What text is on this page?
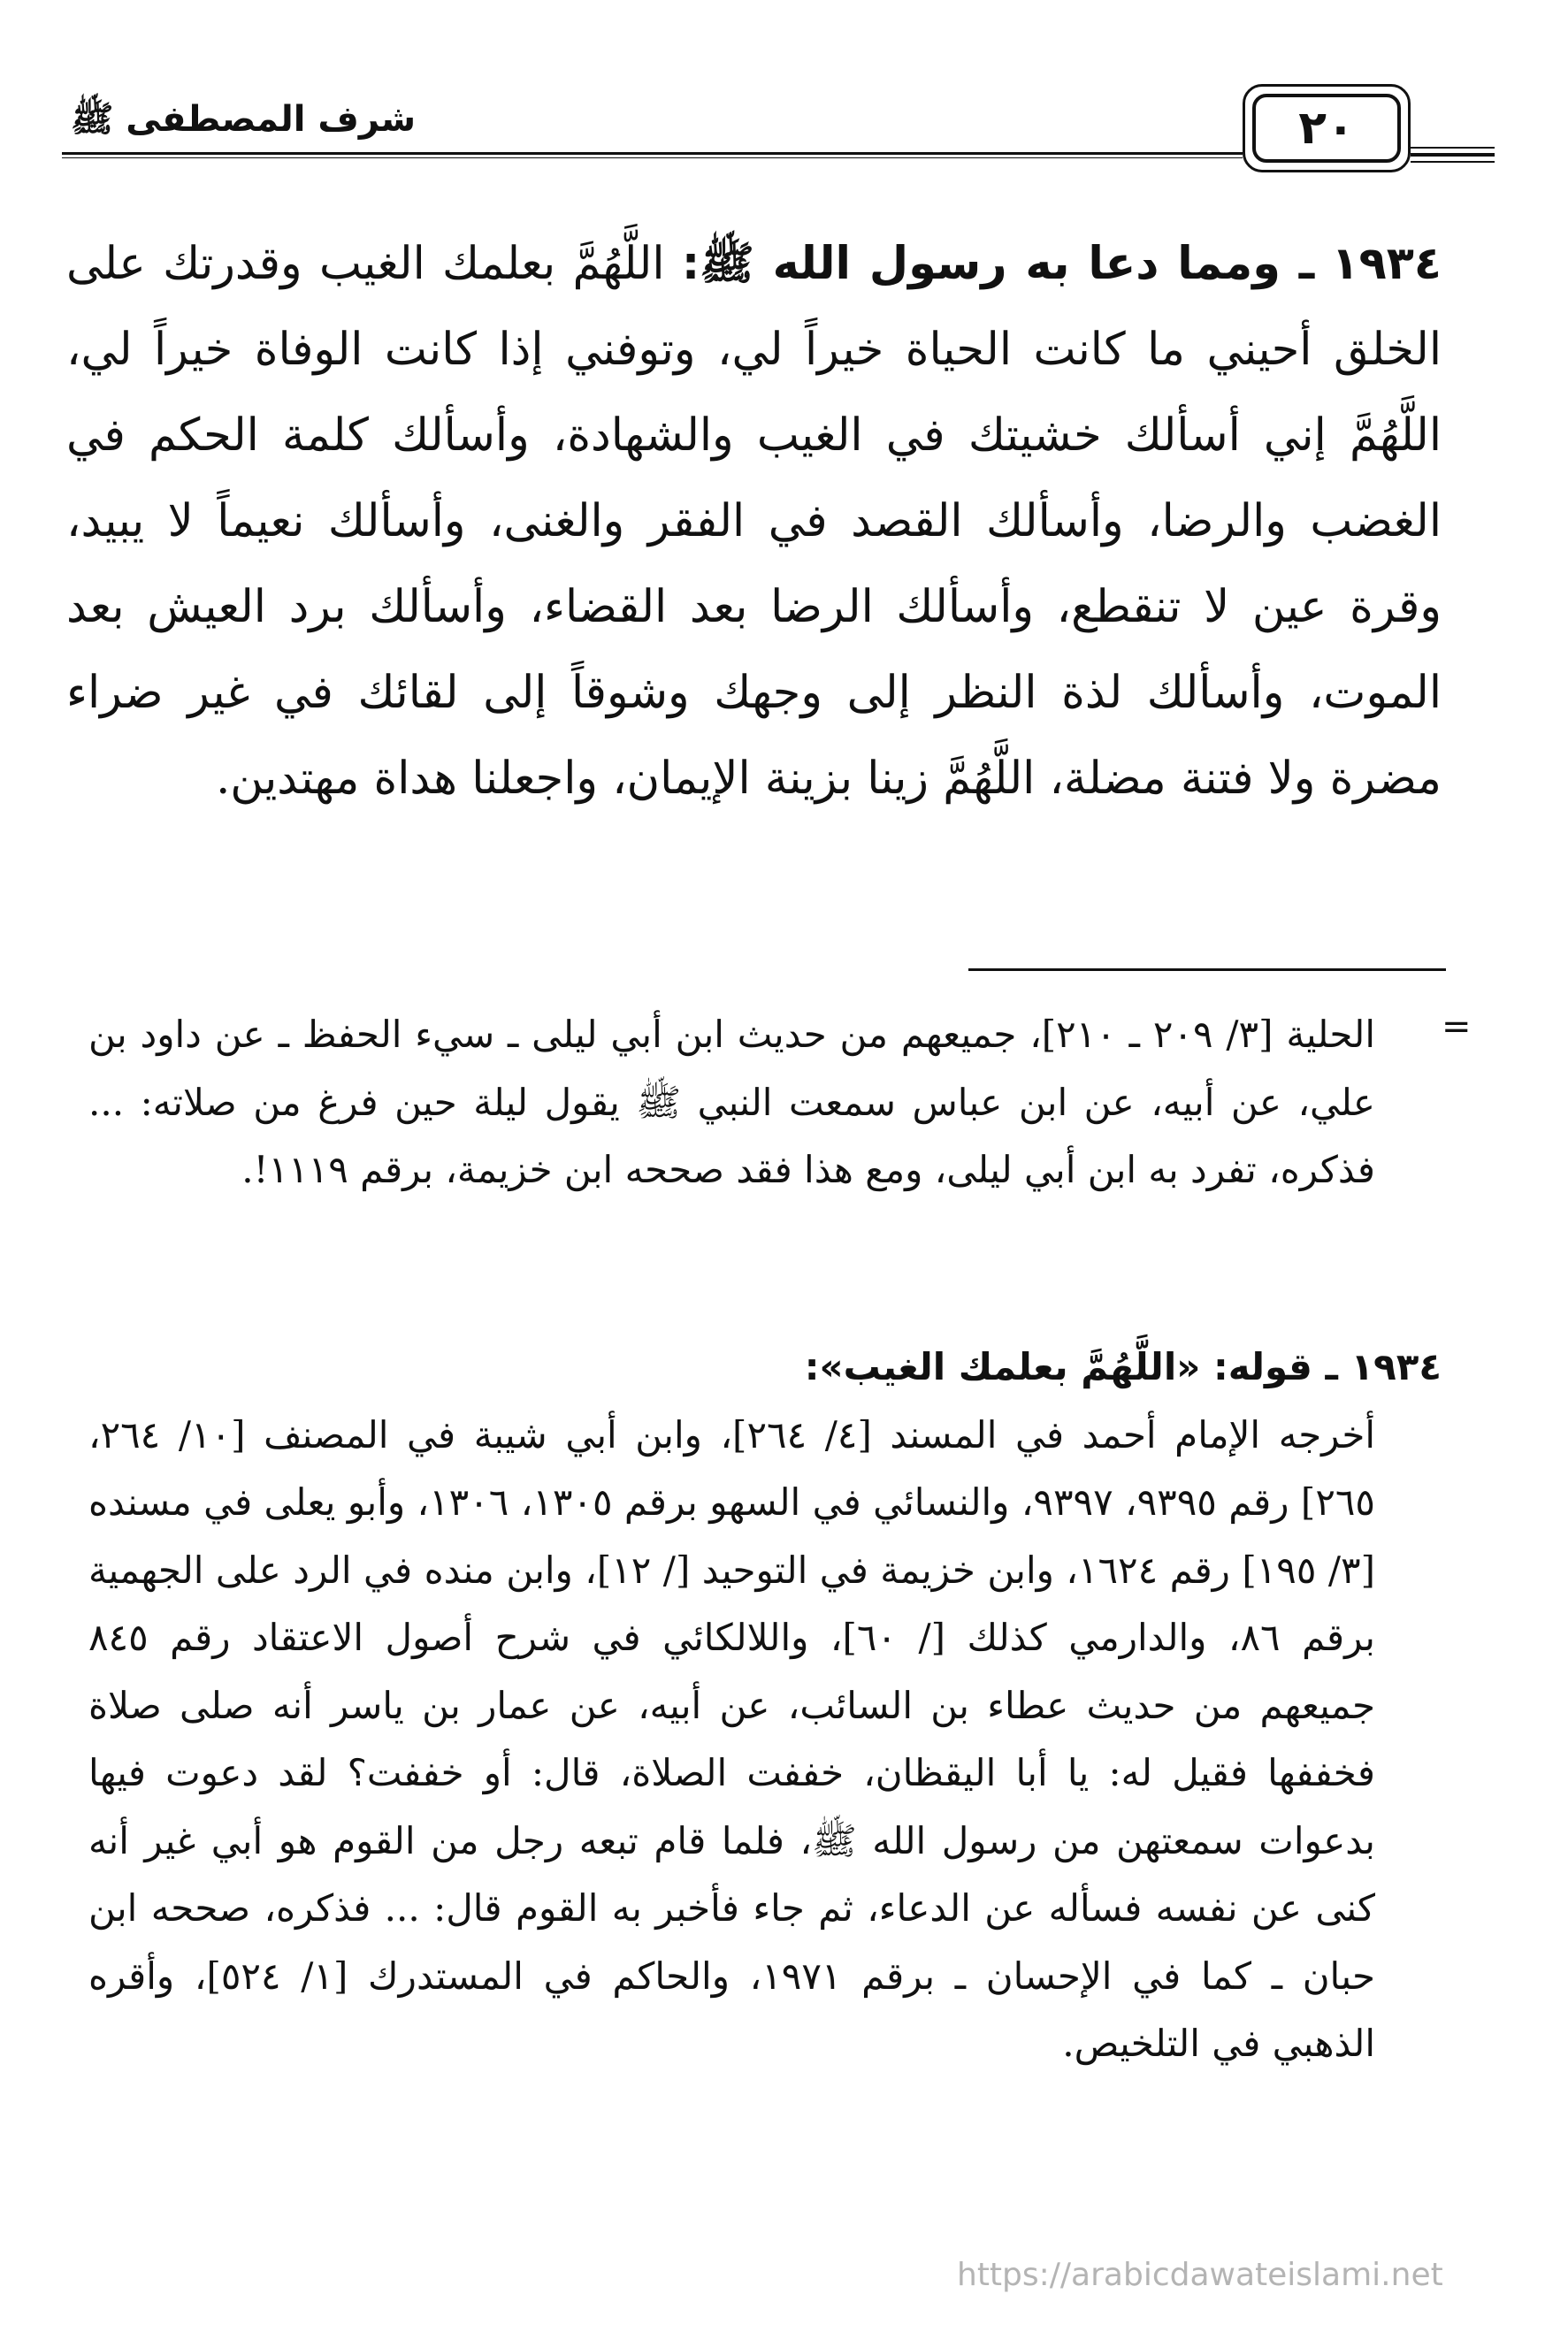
شرف المصطفى ﷺ	٢٠
١٩٣٤ ـ ومما دعا به رسول الله ﷺ: اللَّهُمَّ بعلمك الغيب وقدرتك على الخلق أحيني ما كانت الحياة خيراً لي، وتوفني إذا كانت الوفاة خيراً لي، اللَّهُمَّ إني أسألك خشيتك في الغيب والشهادة، وأسألك كلمة الحكم في الغضب والرضا، وأسألك القصد في الفقر والغنى، وأسألك نعيماً لا يبيد، وقرة عين لا تنقطع، وأسألك الرضا بعد القضاء، وأسألك برد العيش بعد الموت، وأسألك لذة النظر إلى وجهك وشوقاً إلى لقائك في غير ضراء مضرة ولا فتنة مضلة، اللَّهُمَّ زينا بزينة الإيمان، واجعلنا هداة مهتدين.
=
الحلية [٣/ ٢٠٩ ـ ٢١٠]، جميعهم من حديث ابن أبي ليلى ـ سيء الحفظ ـ عن داود بن علي، عن أبيه، عن ابن عباس سمعت النبي ﷺ يقول ليلة حين فرغ من صلاته: ... فذكره، تفرد به ابن أبي ليلى، ومع هذا فقد صححه ابن خزيمة، برقم ١١١٩!.
١٩٣٤ ـ قوله: «اللَّهُمَّ بعلمك الغيب»:
أخرجه الإمام أحمد في المسند [٤/ ٢٦٤]، وابن أبي شيبة في المصنف [١٠/ ٢٦٤، ٢٦٥] رقم ٩٣٩٥، ٩٣٩٧، والنسائي في السهو برقم ١٣٠٥، ١٣٠٦، وأبو يعلى في مسنده [٣/ ١٩٥] رقم ١٦٢٤، وابن خزيمة في التوحيد [/ ١٢]، وابن منده في الرد على الجهمية برقم ٨٦، والدارمي كذلك [/ ٦٠]، واللالكائي في شرح أصول الاعتقاد رقم ٨٤٥ جميعهم من حديث عطاء بن السائب، عن أبيه، عن عمار بن ياسر أنه صلى صلاة فخففها فقيل له: يا أبا اليقظان، خففت الصلاة، قال: أو خففت؟ لقد دعوت فيها بدعوات سمعتهن من رسول الله ﷺ، فلما قام تبعه رجل من القوم هو أبي غير أنه كنى عن نفسه فسأله عن الدعاء، ثم جاء فأخبر به القوم قال: ... فذكره، صححه ابن حبان ـ كما في الإحسان ـ برقم ١٩٧١، والحاكم في المستدرك [١/ ٥٢٤]، وأقره الذهبي في التلخيص.
https://arabicdawateislami.net
